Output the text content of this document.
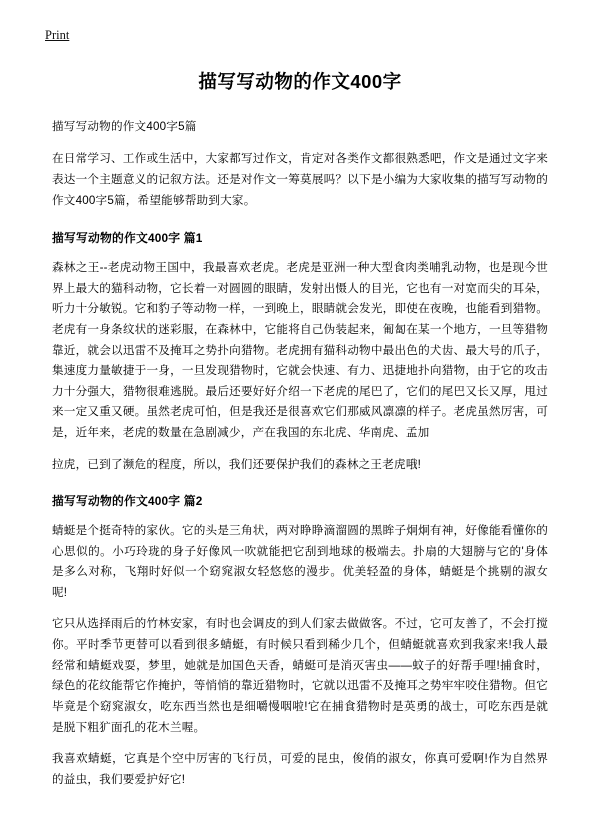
Print
描写写动物的作文400字

描写写动物的作文400字5篇

在日常学习、工作或生活中，大家都写过作文，肯定对各类作文都很熟悉吧，作文是通过文字来表达一个主题意义的记叙方法。还是对作文一筹莫展吗？以下是小编为大家收集的描写写动物的作文400字5篇，希望能够帮助到大家。

描写写动物的作文400字 篇1

森林之王--老虎动物王国中，我最喜欢老虎。老虎是亚洲一种大型食肉类哺乳动物，也是现今世界上最大的猫科动物，它长着一对圆圆的眼睛，发射出慑人的目光，它也有一对宽而尖的耳朵，听力十分敏锐。它和豹子等动物一样，一到晚上，眼睛就会发光，即使在夜晚，也能看到猎物。老虎有一身条纹状的迷彩服，在森林中，它能将自己伪装起来，匍匐在某一个地方，一旦等猎物靠近，就会以迅雷不及掩耳之势扑向猎物。老虎拥有猫科动物中最出色的犬齿、最大号的爪子，集速度力量敏捷于一身，一旦发现猎物时，它就会快速、有力、迅捷地扑向猎物，由于它的攻击力十分强大，猎物很难逃脱。最后还要好好介绍一下老虎的尾巴了，它们的尾巴又长又厚，甩过来一定又重又硬。虽然老虎可怕，但是我还是很喜欢它们那威风凛凛的样子。老虎虽然厉害，可是，近年来，老虎的数量在急剧减少，产在我国的东北虎、华南虎、孟加

拉虎，已到了濒危的程度，所以，我们还要保护我们的森林之王老虎哦!

描写写动物的作文400字 篇2

蜻蜓是个挺奇特的家伙。它的头是三角状，两对睁睁滴溜圆的黑眸子炯炯有神，好像能看懂你的心思似的。小巧玲珑的身子好像风一吹就能把它刮到地球的极端去。扑扇的大翅膀与它的'身体是多么对称，飞翔时好似一个窈窕淑女轻悠悠的漫步。优美轻盈的身体，蜻蜓是个挑剔的淑女呢!

它只从选择雨后的竹林安家，有时也会调皮的到人们家去做做客。不过，它可友善了，不会打搅你。平时季节更替可以看到很多蜻蜓，有时候只看到稀少几个，但蜻蜓就喜欢到我家来!我人最经常和蜻蜓戏耍，梦里，她就是加国色天香，蜻蜓可是消灭害虫——蚊子的好帮手哩!捕食时，绿色的花纹能帮它作掩护，等悄悄的靠近猎物时，它就以迅雷不及掩耳之势牢牢咬住猎物。但它毕竟是个窈窕淑女，吃东西当然也是细嚼慢咽啦!它在捕食猎物时是英勇的战士，可吃东西是就是脱下粗犷面孔的花木兰喔。

我喜欢蜻蜓，它真是个空中厉害的飞行员，可爱的昆虫，俊俏的淑女，你真可爱啊!作为自然界的益虫，我们要爱护好它!
